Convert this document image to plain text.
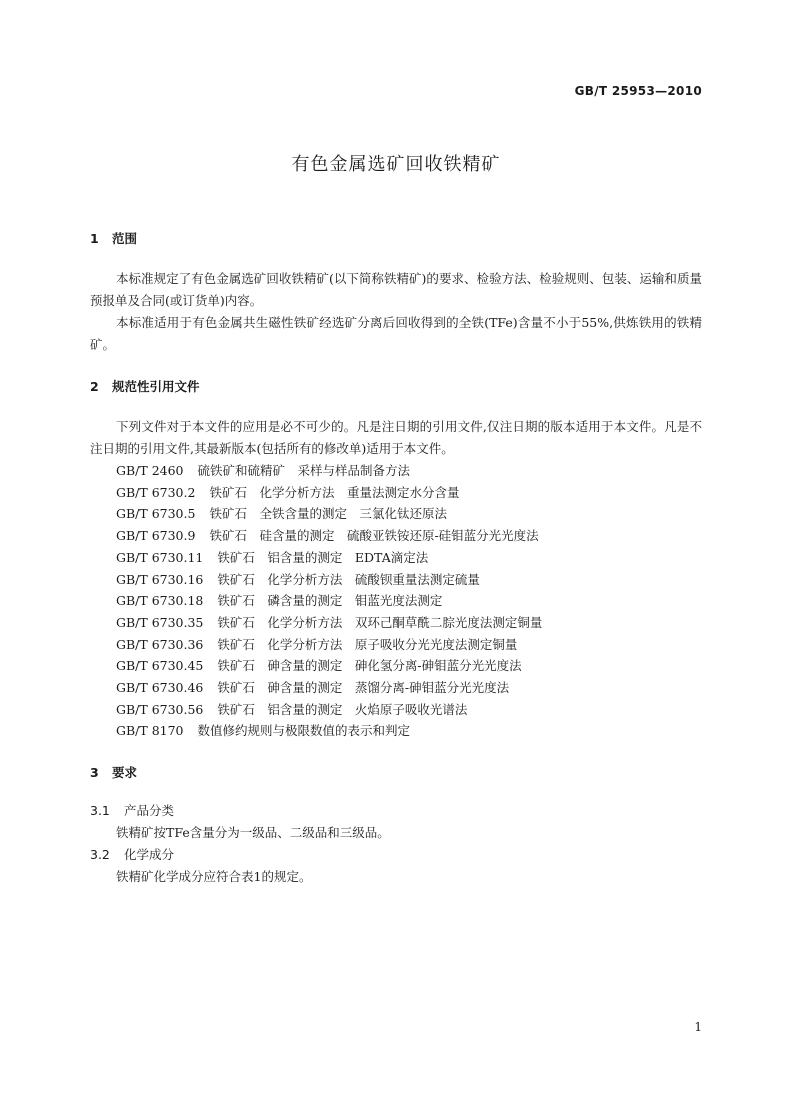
GB/T 25953—2010
有色金属选矿回收铁精矿
1 范围

本标准规定了有色金属选矿回收铁精矿(以下简称铁精矿)的要求、检验方法、检验规则、包装、运输和质量预报单及合同(或订货单)内容。

本标准适用于有色金属共生磁性铁矿经选矿分离后回收得到的全铁(TFe)含量不小于55%,供炼铁用的铁精矿。

2 规范性引用文件

下列文件对于本文件的应用是必不可少的。凡是注日期的引用文件,仅注日期的版本适用于本文件。凡是不注日期的引用文件,其最新版本(包括所有的修改单)适用于本文件。

GB/T 2460 硫铁矿和硫精矿　采样与样品制备方法
GB/T 6730.2 铁矿石　化学分析方法　重量法测定水分含量
GB/T 6730.5 铁矿石　全铁含量的测定　三氯化钛还原法
GB/T 6730.9 铁矿石　硅含量的测定　硫酸亚铁铵还原-硅钼蓝分光光度法
GB/T 6730.11 铁矿石　铝含量的测定　EDTA滴定法
GB/T 6730.16 铁矿石　化学分析方法　硫酸钡重量法测定硫量
GB/T 6730.18 铁矿石　磷含量的测定　钼蓝光度法测定
GB/T 6730.35 铁矿石　化学分析方法　双环己酮草酰二腙光度法测定铜量
GB/T 6730.36 铁矿石　化学分析方法　原子吸收分光光度法测定铜量
GB/T 6730.45 铁矿石　砷含量的测定　砷化氢分离-砷钼蓝分光光度法
GB/T 6730.46 铁矿石　砷含量的测定　蒸馏分离-砷钼蓝分光光度法
GB/T 6730.56 铁矿石　铝含量的测定　火焰原子吸收光谱法
GB/T 8170 数值修约规则与极限数值的表示和判定
3 要求
3.1 产品分类

铁精矿按TFe含量分为一级品、二级品和三级品。

3.2 化学成分

铁精矿化学成分应符合表1的规定。

1
